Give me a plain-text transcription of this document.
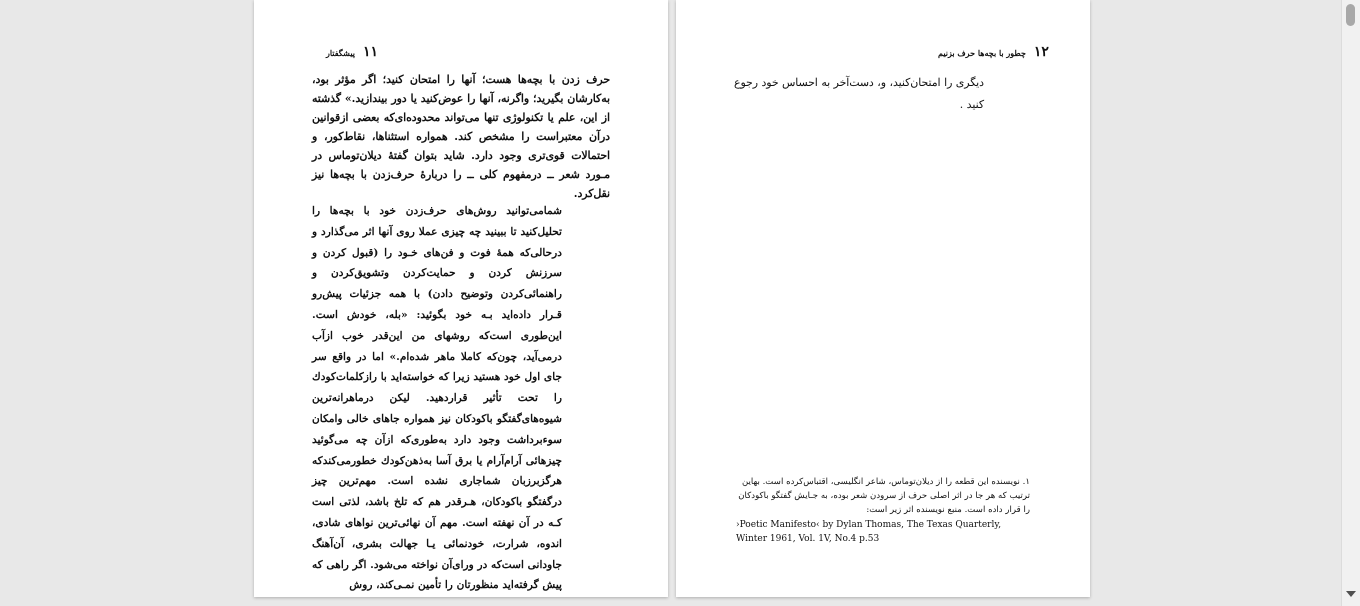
۱۱
پیشگفتار

حرف زدن با بچه‌ها هست؛ آنها را امتحان کنید؛ اگر مؤثر بود، به‌کارشان بگیرید؛ واگرنه، آنها را عوض‌کنید یا دور بیندازید.» گذشته از این، علم یا تکنولوژی تنها می‌تواند محدوده‌ای‌که بعضی ازقوانین درآن معتبراست را مشخص کند. همواره استثناها، نقاط‌کور، و احتمالات قوی‌تری وجود دارد. شاید بتوان گفتهٔ دیلان‌توماس در مـورد شعر ــ درمفهوم کلی ــ را دربارهٔ حرف‌زدن با بچه‌ها نیز نقل‌کرد.

شمامی‌توانید روش‌های حرف‌زدن خود با بچه‌ها را تحلیل‌کنید تا ببینید چه چیزی عملا روی آنها اثر می‌گذارد و درحالی‌که همهٔ فوت و فن‌های خـود را (قبول کردن و سرزنش کردن و حمایت‌کردن وتشویق‌کردن و راهنمائی‌کردن وتوضیح دادن) با همه جزئیات پیش‌رو قـرار داده‌اید بـه خود بگوئید: «بله، خودش است. این‌طوری است‌که روشهای من این‌قدر خوب ازآب درمی‌آید، چون‌که کاملا ماهر شده‌ام.» اما در واقع سر جای اول خود هستید زیرا که خواسته‌اید با رازکلمات‌کودك را تحت تأثیر قراردهید. لیکن درماهرانه‌ترین شیوه‌های‌گفتگو باکودکان نیز همواره جاهای خالی وامکان سوءبرداشت وجود دارد به‌طوری‌که ازآن چه می‌گوئید چیزهائی آرام‌آرام یا برق آسا به‌ذهن‌کودك خطورمی‌کندکه هرگزبرزبان شماجاری نشده است. مهم‌ترین چیز درگفتگو باکودکان، هـرقدر هم که تلخ باشد، لذتی است کـه در آن نهفته است. مهم آن نهائی‌ترین نواهای شادی، اندوه، شرارت، خودنمائی یـا جهالت بشری، آن‌آهنگ جاودانی است‌که در ورای‌آن نواخته می‌شود. اگر راهی که پیش گرفته‌اید منظورتان را تأمین نمـی‌کند، روش

۱۲
چطور با بچه‌ها حرف بزنیم

دیگری را امتحان‌کنید، و، دست‌آخر به احساس خود رجوع کنید .

۱. نویسنده این قطعه را از دیلان‌توماس، شاعر انگلیسی، اقتباس‌کرده است. بهاین ترتیب که هر جا در اثر اصلی حرف از سرودن شعر بوده، به جـایش گفتگو باکودکان را قرار داده است. منبع نویسنده اثر زیر است:
›Poetic Manifesto‹ by Dylan Thomas, The Texas Quarterly,
Winter 1961, Vol. 1V, No.4 p.53
